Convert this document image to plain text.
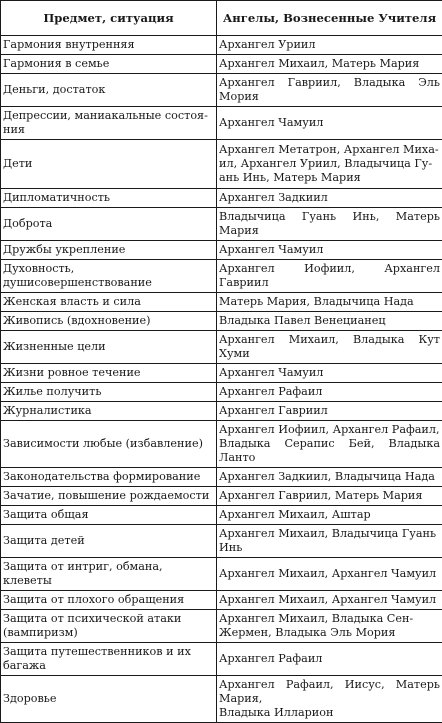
Предмет, ситуация	Ангелы, Вознесенные Учителя

Гармония внутренняя	Архангел Уриил

Гармония в семье	Архангел Михаил, Матерь Мария

Деньги, достаток	Архангел Гавриил, Владыка Эль Мория

Депрессии, маниакальные состоя-
ния	Архангел Чамуил

Дети	Архангел Метатрон, Архангел Миха-
ил, Архангел Уриил, Владычица Гу-
ань Инь, Матерь Мария

Дипломатичность	Архангел Задкиил

Доброта	Владычица Гуань Инь, Матерь Мария

Дружбы укрепление	Архангел Чамуил

Духовность, душисовершенствование	Архангел Иофиил, Архангел Гавриил

Женская власть и сила	Матерь Мария, Владычица Нада

Живопись (вдохновение)	Владыка Павел Венецианец

Жизненные цели	Архангел Михаил, Владыка Кут Хуми

Жизни ровное течение	Архангел Чамуил

Жилье получить	Архангел Рафаил

Журналистика	Архангел Гавриил

Зависимости любые (избавление)	Архангел Иофиил, Архангел Рафаил,
Владыка Серапис Бей, Владыка Ланто

Законодательства формирование	Архангел Задкиил, Владычица Нада

Зачатие, повышение рождаемости	Архангел Гавриил, Матерь Мария

Защита общая	Архангел Михаил, Аштар

Защита детей	Архангел Михаил, Владычица Гуань
Инь

Защита от интриг, обмана, клеветы	Архангел Михаил, Архангел Чамуил

Защита от плохого обращения	Архангел Михаил, Архангел Чамуил

Защита от психической атаки
(вампиризм)	Архангел Михаил, Владыка Сен-
Жермен, Владыка Эль Мория

Защита путешественников и их багажа	Архангел Рафаил

Здоровье	Архангел Рафаил, Иисус, Матерь Мария,
Владыка Илларион
